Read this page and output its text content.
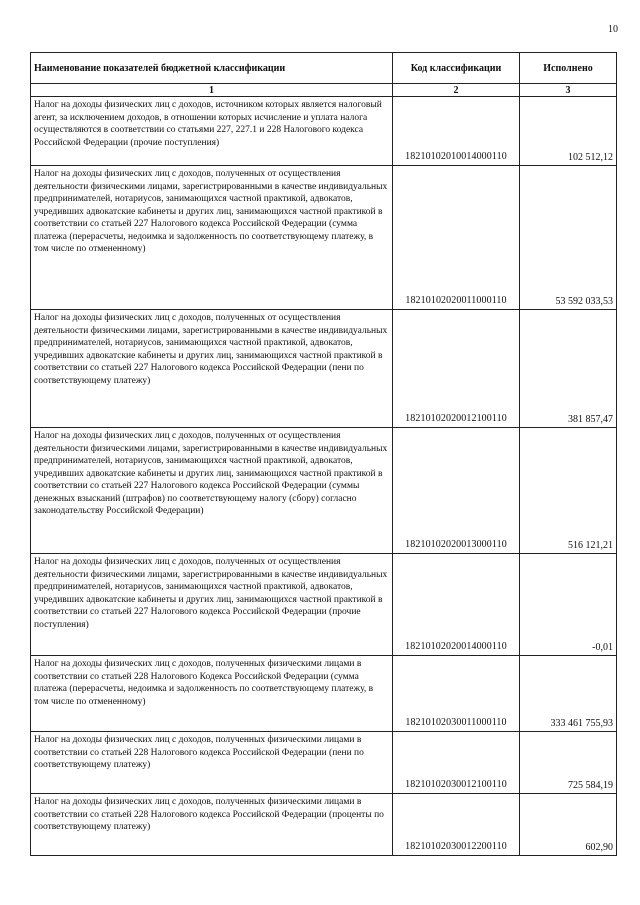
10
Наименование показателей бюджетной классификации	Код классификации	Исполнено
1	2	3
Налог на доходы физических лиц с доходов, источником которых является налоговый агент, за исключением доходов, в отношении которых исчисление и уплата налога осуществляются в соответствии со статьями 227, 227.1 и 228 Налогового кодекса Российской Федерации (прочие поступления)	18210102010014000110	102 512,12
Налог на доходы физических лиц с доходов, полученных от осуществления деятельности физическими лицами, зарегистрированными в качестве индивидуальных предпринимателей, нотариусов, занимающихся частной практикой, адвокатов, учредивших адвокатские кабинеты и других лиц, занимающихся частной практикой в соответствии со статьей 227 Налогового кодекса Российской Федерации (сумма платежа (перерасчеты, недоимка и задолженность по соответствующему платежу, в том числе по отмененному)	18210102020011000110	53 592 033,53
Налог на доходы физических лиц с доходов, полученных от осуществления деятельности физическими лицами, зарегистрированными в качестве индивидуальных предпринимателей, нотариусов, занимающихся частной практикой, адвокатов, учредивших адвокатские кабинеты и других лиц, занимающихся частной практикой в соответствии со статьей 227 Налогового кодекса Российской Федерации (пени по соответствующему платежу)	18210102020012100110	381 857,47
Налог на доходы физических лиц с доходов, полученных от осуществления деятельности физическими лицами, зарегистрированными в качестве индивидуальных предпринимателей, нотариусов, занимающихся частной практикой, адвокатов, учредивших адвокатские кабинеты и других лиц, занимающихся частной практикой в соответствии со статьей 227 Налогового кодекса Российской Федерации (суммы денежных взысканий (штрафов) по соответствующему налогу (сбору) согласно законодательству Российской Федерации)	18210102020013000110	516 121,21
Налог на доходы физических лиц с доходов, полученных от осуществления деятельности физическими лицами, зарегистрированными в качестве индивидуальных предпринимателей, нотариусов, занимающихся частной практикой, адвокатов, учредивших адвокатские кабинеты и других лиц, занимающихся частной практикой в соответствии со статьей 227 Налогового кодекса Российской Федерации (прочие поступления)	18210102020014000110	-0,01
Налог на доходы физических лиц с доходов, полученных физическими лицами в соответствии со статьей 228 Налогового Кодекса Российской Федерации (сумма платежа (перерасчеты, недоимка и задолженность по соответствующему платежу, в том числе по отмененному)	18210102030011000110	333 461 755,93
Налог на доходы физических лиц с доходов, полученных физическими лицами в соответствии со статьей 228 Налогового кодекса Российской Федерации (пени по соответствующему платежу)	18210102030012100110	725 584,19
Налог на доходы физических лиц с доходов, полученных физическими лицами в соответствии со статьей 228 Налогового кодекса Российской Федерации (проценты по соответствующему платежу)	18210102030012200110	602,90
